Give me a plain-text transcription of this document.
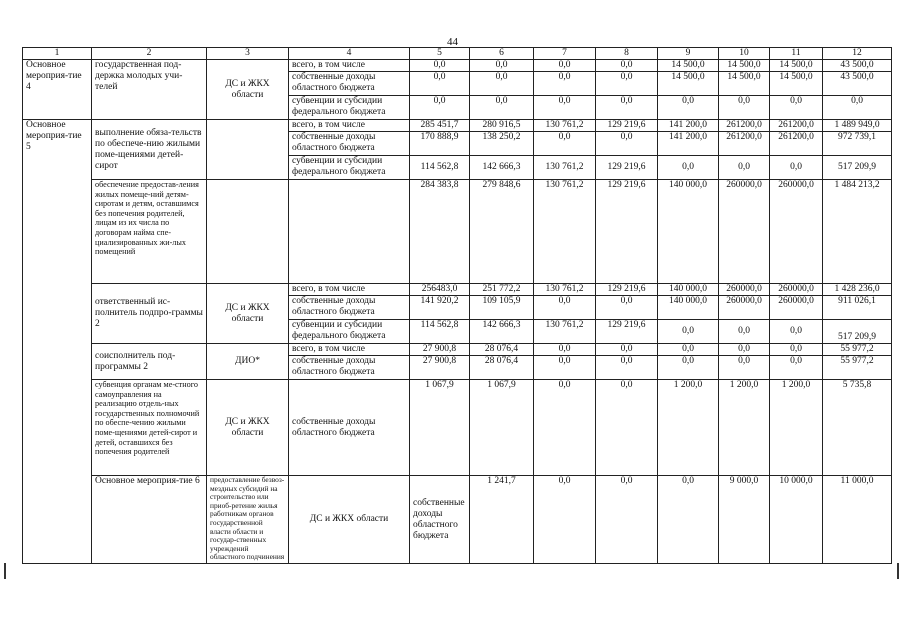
44
1	2	3	4	5	6	7	8	9	10	11	12	
Основное мероприя-тие 4	государственная под-держка молодых учи-телей	ДС и ЖКХ области	всего, в том числе	0,0	0,0	0,0	0,0	14 500,0	14 500,0	14 500,0	43 500,0	
			собственные доходы областного бюджета	0,0	0,0	0,0	0,0	14 500,0	14 500,0	14 500,0	43 500,0	
			субвенции и субсидии федерального бюджета	0,0	0,0	0,0	0,0	0,0	0,0	0,0	0,0	
Основное мероприя-тие 5	выполнение обяза-тельств по обеспече-нию жилыми поме-щениями детей-сирот		всего, в том числе	285 451,7	280 916,5	130 761,2	129 219,6	141 200,0	261200,0	261200,0	1 489 949,0	
			собственные доходы областного бюджета	170 888,9	138 250,2	0,0	0,0	141 200,0	261200,0	261200,0	972 739,1	
			субвенции и субсидии федерального бюджета	114 562,8	142 666,3	130 761,2	129 219,6	0,0	0,0	0,0	517 209,9	
	обеспечение предостав-ления жилых помеще-ний детям-сиротам и детям, оставшимся без попечения родителей, лицам из их числа по договорам найма спе-циализированных жи-лых помещений			284 383,8	279 848,6	130 761,2	129 219,6	140 000,0	260000,0	260000,0	1 484 213,2	
	ответственный ис-полнитель подпро-граммы 2	ДС и ЖКХ области	всего, в том числе	256483,0	251 772,2	130 761,2	129 219,6	140 000,0	260000,0	260000,0	1 428 236,0	
			собственные доходы областного бюджета	141 920,2	109 105,9	0,0	0,0	140 000,0	260000,0	260000,0	911 026,1	
			субвенции и субсидии федерального бюджета	114 562,8	142 666,3	130 761,2	129 219,6	0,0	0,0	0,0	517 209,9	
	соисполнитель под-программы 2	ДИО*	всего, в том числе	27 900,8	28 076,4	0,0	0,0	0,0	0,0	0,0	55 977,2	
			собственные доходы областного бюджета	27 900,8	28 076,4	0,0	0,0	0,0	0,0	0,0	55 977,2	
	субвенция органам ме-стного самоуправления на реализацию отдель-ных государственных полномочий по обеспе-чению жилыми поме-щениями детей-сирот и детей, оставшихся без попечения родителей	ДС и ЖКХ области	собственные доходы областного бюджета	1 067,9	1 067,9	0,0	0,0	1 200,0	1 200,0	1 200,0	5 735,8	
	Основное мероприя-тие 6	предоставление безвоз-мездных субсидий на строительство или приоб-ретение жилья работникам органов государственной власти области и государ-ственных учреждений областного подчинения	ДС и ЖКХ области	собственные доходы областного бюджета	1 241,7	0,0	0,0	0,0	9 000,0	10 000,0	11 000,0	
